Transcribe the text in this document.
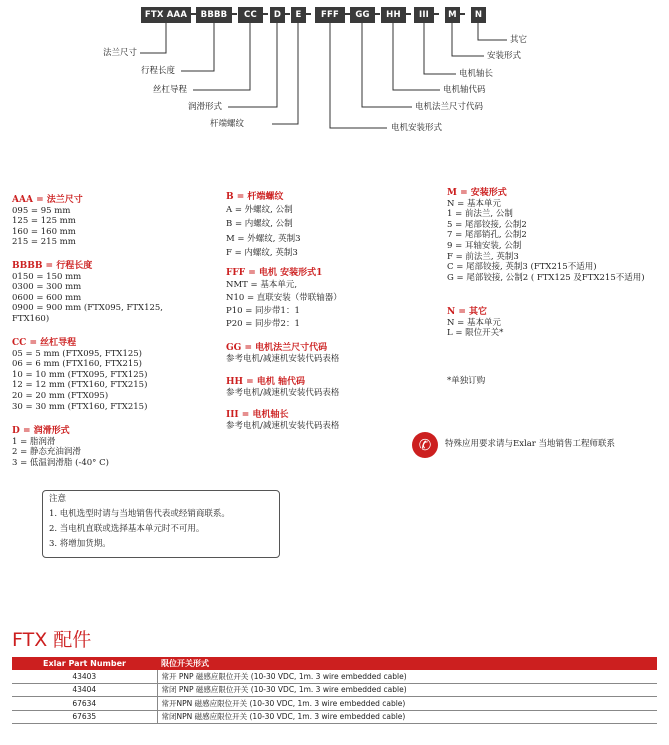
FTX AAA	BBBB	CC	D	E	FFF	GG	HH	III	M	N
法兰尺寸
行程长度
丝杠导程
润滑形式
杆端螺纹	电机安装形式
电机法兰尺寸代码
电机轴代码
电机轴长
安装形式
其它
AAA = 法兰尺寸
095 = 95 mm
125 = 125 mm
160 = 160 mm
215 = 215 mm
BBBB = 行程长度
0150 = 150 mm
0300 = 300 mm
0600 = 600 mm
0900 = 900 mm (FTX095, FTX125,
FTX160)
CC = 丝杠导程
05 = 5 mm (FTX095, FTX125)
06 = 6 mm (FTX160, FTX215)
10 = 10 mm (FTX095, FTX125)
12 = 12 mm (FTX160, FTX215)
20 = 20 mm (FTX095)
30 = 30 mm (FTX160, FTX215)
D = 润滑形式
1 = 脂润滑
2 = 静态充油润滑
3 = 低温润滑脂 (-40° C)
B = 杆端螺纹
A = 外螺纹, 公制
B = 内螺纹, 公制
M = 外螺纹, 英制3
F = 内螺纹, 英制3
FFF = 电机 安装形式1
NMT = 基本单元,
N10 = 直联安装（带联轴器）
P10 = 同步带1：1
P20 = 同步带2：1
GG = 电机法兰尺寸代码
参考电机/减速机安装代码表格
HH = 电机 轴代码
参考电机/减速机安装代码表格
III = 电机轴长
参考电机/减速机安装代码表格
M = 安装形式
N = 基本单元
1 = 前法兰, 公制
5 = 尾部铰接, 公制2
7 = 尾部销孔, 公制2
9 = 耳轴安装, 公制
F = 前法兰, 英制3
C = 尾部铰接, 英制3 (FTX215不适用)
G = 尾部铰接, 公制2 ( FTX125 及FTX215不适用)
N = 其它
N = 基本单元
L = 限位开关*
*单独订购
✆	特殊应用要求请与Exlar 当地销售工程师联系
注意
1. 电机选型时请与当地销售代表或经销商联系。
2. 当电机直联或选择基本单元时不可用。
3. 将增加货期。
FTX 配件
Exlar Part Number	限位开关形式
43403	常开 PNP 磁感应限位开关 (10-30 VDC, 1m. 3 wire embedded cable)
43404	常闭 PNP 磁感应限位开关 (10-30 VDC, 1m. 3 wire embedded cable)
67634	常开NPN 磁感应限位开关 (10-30 VDC, 1m. 3 wire embedded cable)
67635	常闭NPN 磁感应限位开关 (10-30 VDC, 1m. 3 wire embedded cable)
